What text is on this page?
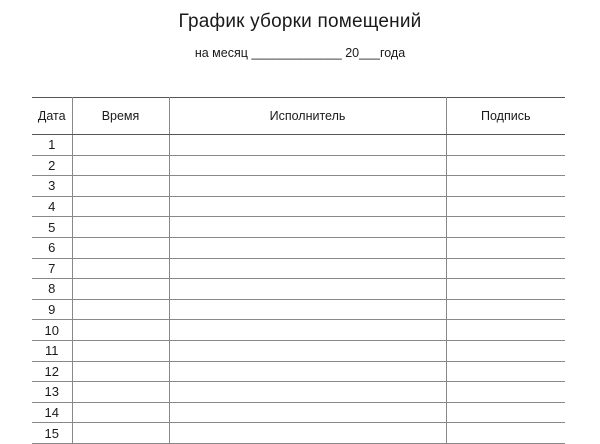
График уборки помещений
на месяц _____________ 20___года
Дата	Время	Исполнитель	Подпись
1			
2			
3			
4			
5			
6			
7			
8			
9			
10			
11			
12			
13			
14			
15			
